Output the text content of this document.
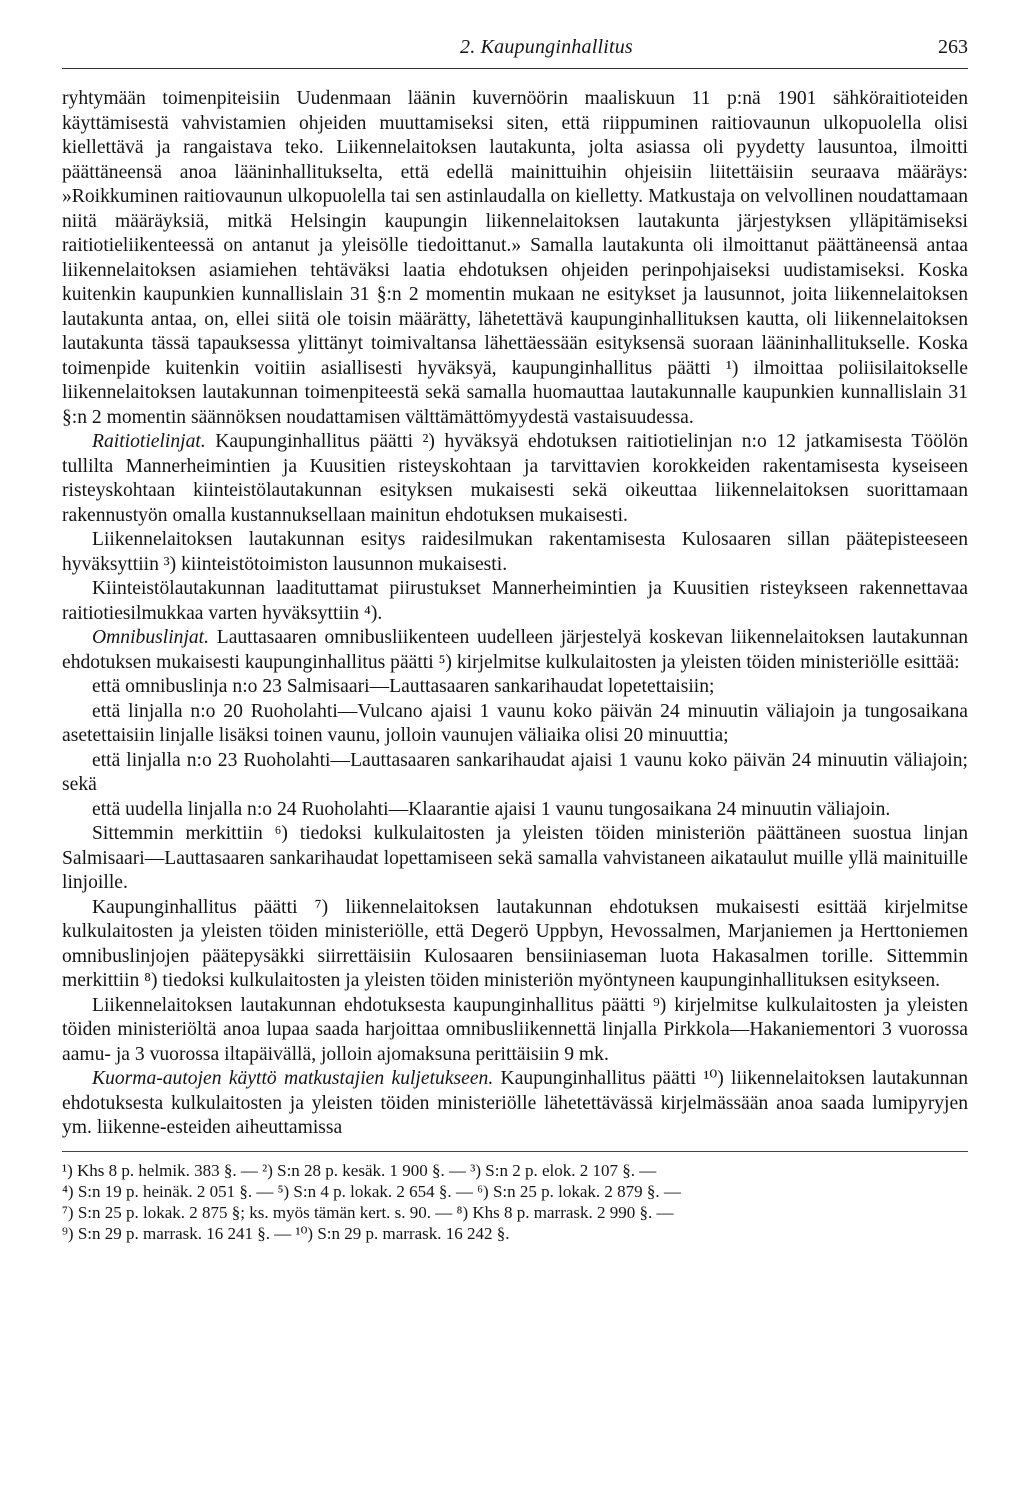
2. Kaupunginhallitus	263

ryhtymään toimenpiteisiin Uudenmaan läänin kuvernöörin maaliskuun 11 p:nä 1901 sähköraitioteiden käyttämisestä vahvistamien ohjeiden muuttamiseksi siten, että riippuminen raitiovaunun ulkopuolella olisi kiellettävä ja rangaistava teko. Liikennelaitoksen lautakunta, jolta asiassa oli pyydetty lausuntoa, ilmoitti päättäneensä anoa lääninhallitukselta, että edellä mainittuihin ohjeisiin liitettäisiin seuraava määräys: »Roikkuminen raitiovaunun ulkopuolella tai sen astinlaudalla on kielletty. Matkustaja on velvollinen noudattamaan niitä määräyksiä, mitkä Helsingin kaupungin liikennelaitoksen lautakunta järjestyksen ylläpitämiseksi raitiotieliikenteessä on antanut ja yleisölle tiedoittanut.» Samalla lautakunta oli ilmoittanut päättäneensä antaa liikennelaitoksen asiamiehen tehtäväksi laatia ehdotuksen ohjeiden perinpohjaiseksi uudistamiseksi. Koska kuitenkin kaupunkien kunnallislain 31 §:n 2 momentin mukaan ne esitykset ja lausunnot, joita liikennelaitoksen lautakunta antaa, on, ellei siitä ole toisin määrätty, lähetettävä kaupunginhallituksen kautta, oli liikennelaitoksen lautakunta tässä tapauksessa ylittänyt toimivaltansa lähettäessään esityksensä suoraan lääninhallitukselle. Koska toimenpide kuitenkin voitiin asiallisesti hyväksyä, kaupunginhallitus päätti ¹) ilmoittaa poliisilaitokselle liikennelaitoksen lautakunnan toimenpiteestä sekä samalla huomauttaa lautakunnalle kaupunkien kunnallislain 31 §:n 2 momentin säännöksen noudattamisen välttämättömyydestä vastaisuudessa.

Raitiotielinjat. Kaupunginhallitus päätti ²) hyväksyä ehdotuksen raitiotielinjan n:o 12 jatkamisesta Töölön tullilta Mannerheimintien ja Kuusitien risteyskohtaan ja tarvittavien korokkeiden rakentamisesta kyseiseen risteyskohtaan kiinteistölautakunnan esityksen mukaisesti sekä oikeuttaa liikennelaitoksen suorittamaan rakennustyön omalla kustannuksellaan mainitun ehdotuksen mukaisesti.

Liikennelaitoksen lautakunnan esitys raidesilmukan rakentamisesta Kulosaaren sillan päätepisteeseen hyväksyttiin ³) kiinteistötoimiston lausunnon mukaisesti.

Kiinteistölautakunnan laadituttamat piirustukset Mannerheimintien ja Kuusitien risteykseen rakennettavaa raitiotiesilmukkaa varten hyväksyttiin ⁴).

Omnibuslinjat. Lauttasaaren omnibusliikenteen uudelleen järjestelyä koskevan liikennelaitoksen lautakunnan ehdotuksen mukaisesti kaupunginhallitus päätti ⁵) kirjelmitse kulkulaitosten ja yleisten töiden ministeriölle esittää:

että omnibuslinja n:o 23 Salmisaari—Lauttasaaren sankarihaudat lopetettaisiin;

että linjalla n:o 20 Ruoholahti—Vulcano ajaisi 1 vaunu koko päivän 24 minuutin väliajoin ja tungosaikana asetettaisiin linjalle lisäksi toinen vaunu, jolloin vaunujen väliaika olisi 20 minuuttia;

että linjalla n:o 23 Ruoholahti—Lauttasaaren sankarihaudat ajaisi 1 vaunu koko päivän 24 minuutin väliajoin; sekä

että uudella linjalla n:o 24 Ruoholahti—Klaarantie ajaisi 1 vaunu tungosaikana 24 minuutin väliajoin.

Sittemmin merkittiin ⁶) tiedoksi kulkulaitosten ja yleisten töiden ministeriön päättäneen suostua linjan Salmisaari—Lauttasaaren sankarihaudat lopettamiseen sekä samalla vahvistaneen aikataulut muille yllä mainituille linjoille.

Kaupunginhallitus päätti ⁷) liikennelaitoksen lautakunnan ehdotuksen mukaisesti esittää kirjelmitse kulkulaitosten ja yleisten töiden ministeriölle, että Degerö Uppbyn, Hevossalmen, Marjaniemen ja Herttoniemen omnibuslinjojen päätepysäkki siirrettäisiin Kulosaaren bensiiniaseman luota Hakasalmen torille. Sittemmin merkittiin ⁸) tiedoksi kulkulaitosten ja yleisten töiden ministeriön myöntyneen kaupunginhallituksen esitykseen.

Liikennelaitoksen lautakunnan ehdotuksesta kaupunginhallitus päätti ⁹) kirjelmitse kulkulaitosten ja yleisten töiden ministeriöltä anoa lupaa saada harjoittaa omnibusliikennettä linjalla Pirkkola—Hakaniementori 3 vuorossa aamu- ja 3 vuorossa iltapäivällä, jolloin ajomaksuna perittäisiin 9 mk.

Kuorma-autojen käyttö matkustajien kuljetukseen. Kaupunginhallitus päätti ¹⁰) liikennelaitoksen lautakunnan ehdotuksesta kulkulaitosten ja yleisten töiden ministeriölle lähetettävässä kirjelmässään anoa saada lumipyryjen ym. liikenne-esteiden aiheuttamissa

¹) Khs 8 p. helmik. 383 §. — ²) S:n 28 p. kesäk. 1 900 §. — ³) S:n 2 p. elok. 2 107 §. —

⁴) S:n 19 p. heinäk. 2 051 §. — ⁵) S:n 4 p. lokak. 2 654 §. — ⁶) S:n 25 p. lokak. 2 879 §. —

⁷) S:n 25 p. lokak. 2 875 §; ks. myös tämän kert. s. 90. — ⁸) Khs 8 p. marrask. 2 990 §. —

⁹) S:n 29 p. marrask. 16 241 §. — ¹⁰) S:n 29 p. marrask. 16 242 §.
